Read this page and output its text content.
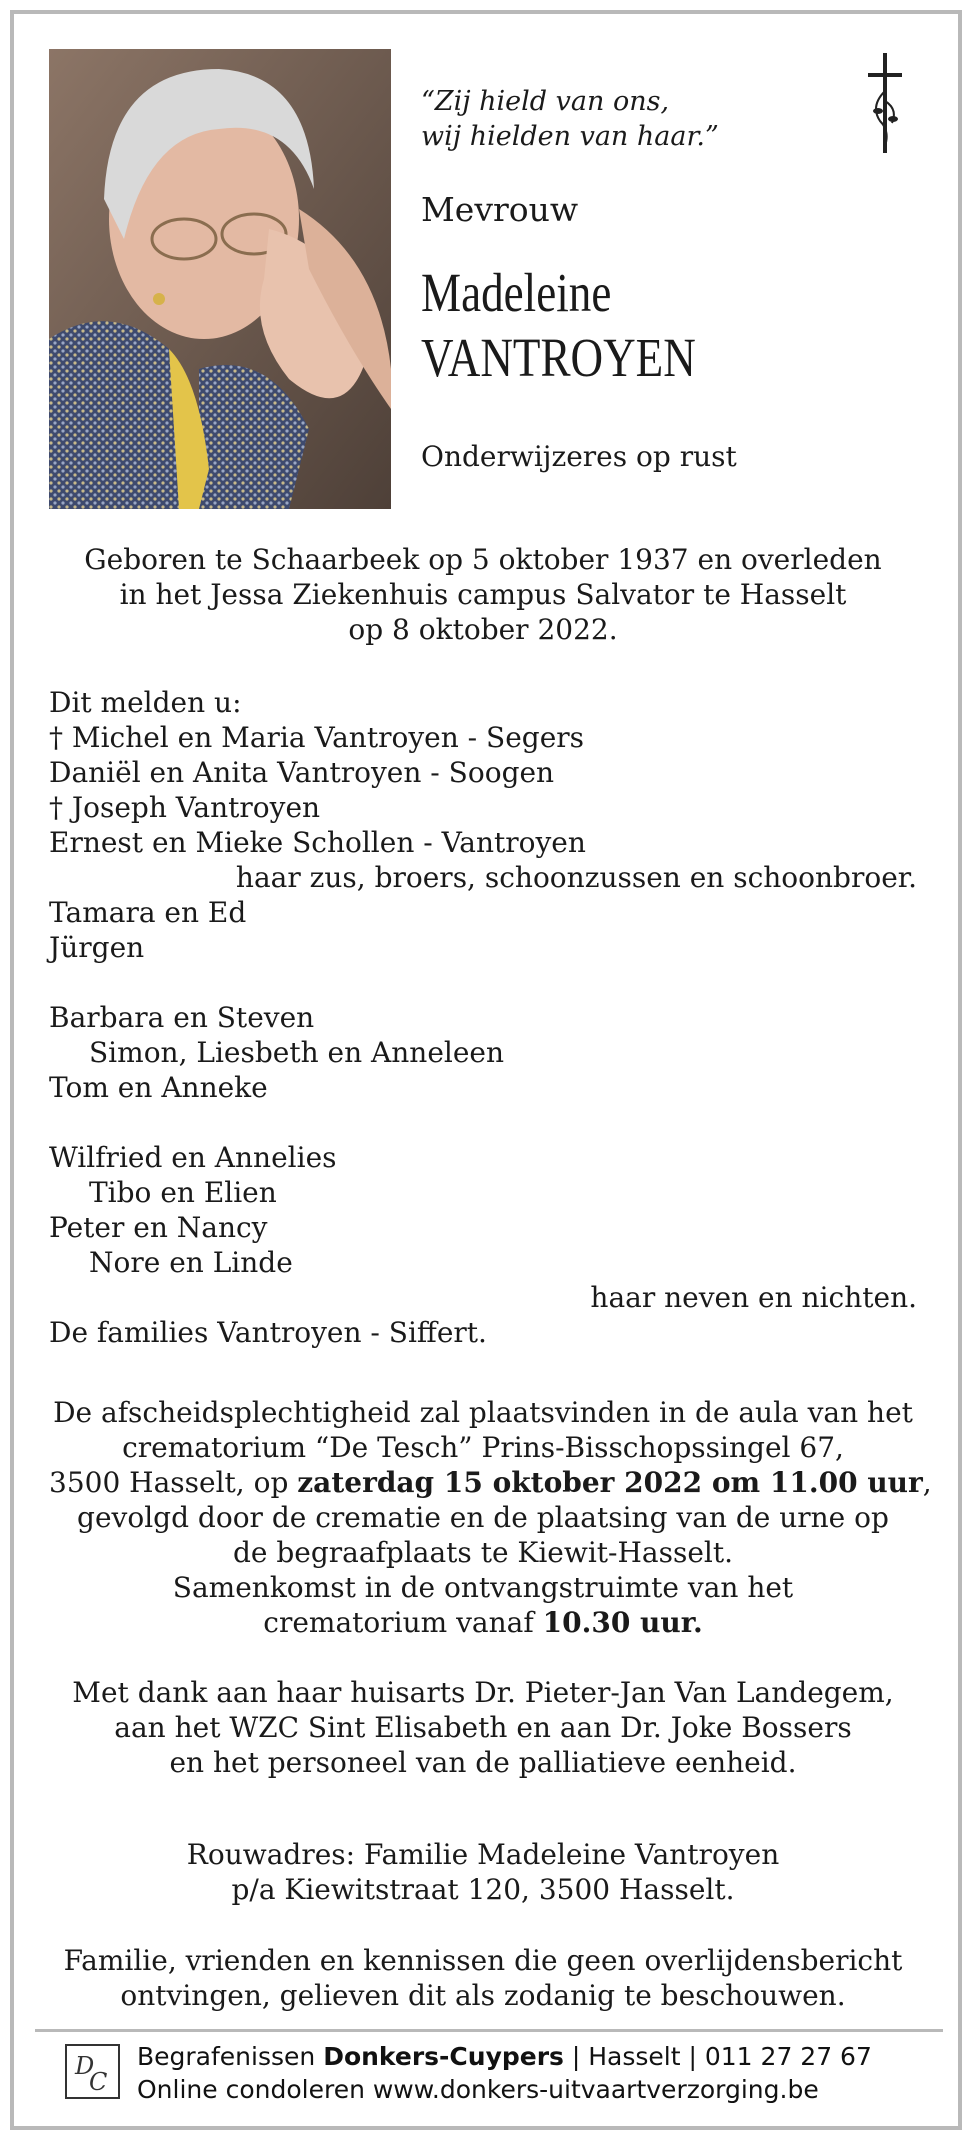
“Zij hield van ons,
wij hielden van haar.”
Mevrouw
Madeleine
VANTROYEN
Onderwijzeres op rust
Geboren te Schaarbeek op 5 oktober 1937 en overleden
in het Jessa Ziekenhuis campus Salvator te Hasselt
op 8 oktober 2022.
Dit melden u:
† Michel en Maria Vantroyen - Segers
Daniël en Anita Vantroyen - Soogen
† Joseph Vantroyen
Ernest en Mieke Schollen - Vantroyen
haar zus, broers, schoonzussen en schoonbroer.
Tamara en Ed
Jürgen

Barbara en Steven
Simon, Liesbeth en Anneleen
Tom en Anneke

Wilfried en Annelies
Tibo en Elien
Peter en Nancy
Nore en Linde
haar neven en nichten.
De families Vantroyen - Siffert.
De afscheidsplechtigheid zal plaatsvinden in de aula van het
crematorium “De Tesch” Prins-Bisschopssingel 67,
3500 Hasselt, op zaterdag 15 oktober 2022 om 11.00 uur,
gevolgd door de crematie en de plaatsing van de urne op
de begraafplaats te Kiewit-Hasselt.
Samenkomst in de ontvangstruimte van het
crematorium vanaf 10.30 uur.
Met dank aan haar huisarts Dr. Pieter-Jan Van Landegem,
aan het WZC Sint Elisabeth en aan Dr. Joke Bossers
en het personeel van de palliatieve eenheid.
Rouwadres: Familie Madeleine Vantroyen
p/a Kiewitstraat 120, 3500 Hasselt.
Familie, vrienden en kennissen die geen overlijdensbericht
ontvingen, gelieven dit als zodanig te beschouwen.
D
C
Begrafenissen Donkers-Cuypers | Hasselt | 011 27 27 67
Online condoleren www.donkers-uitvaartverzorging.be
